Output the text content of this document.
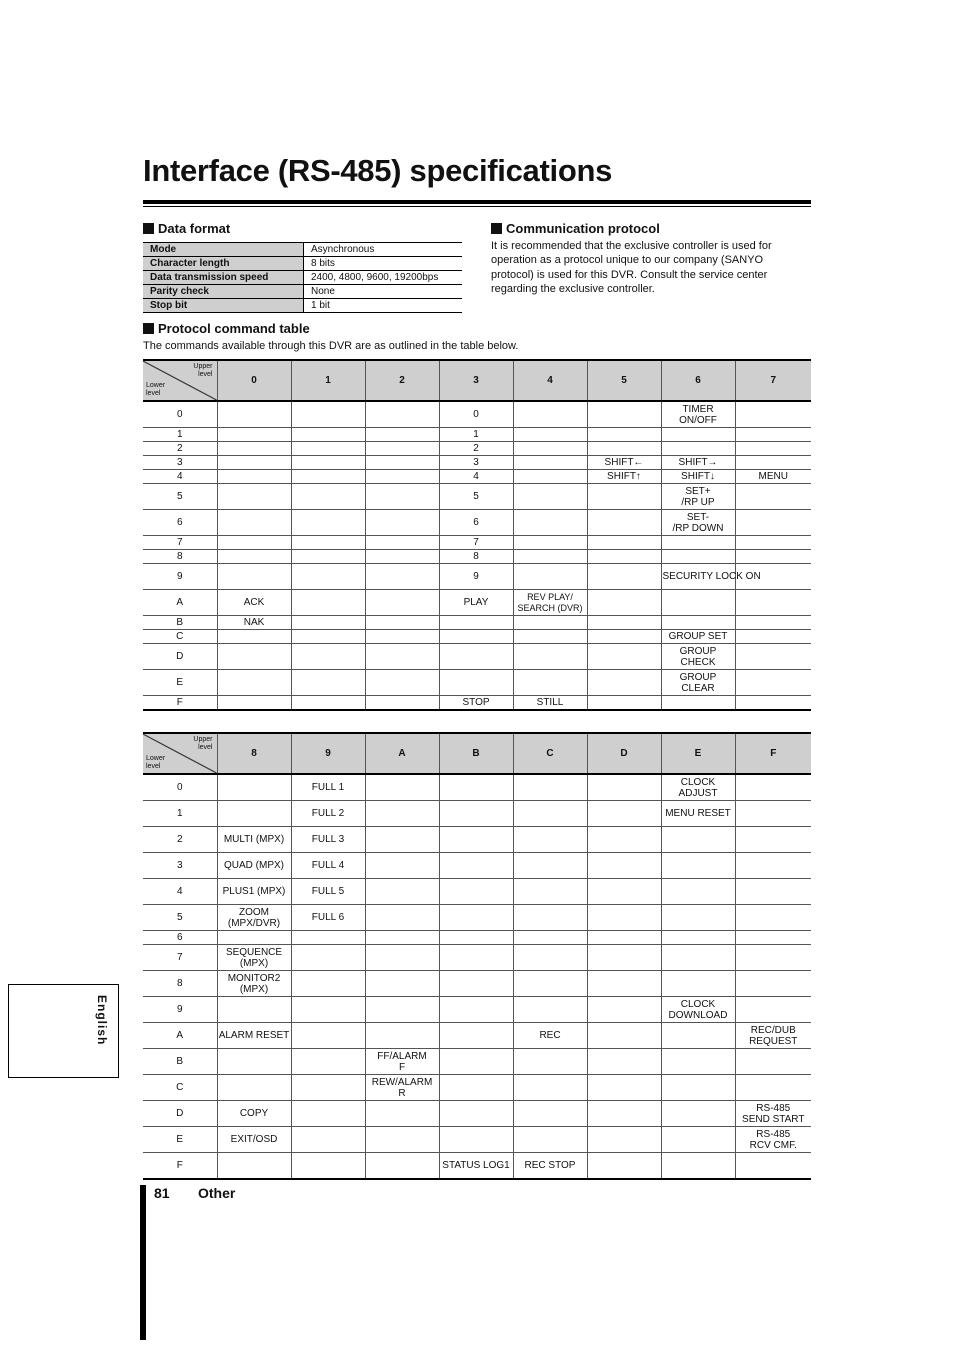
Interface (RS-485) specifications
Data format
Mode	Asynchronous
Character length	8 bits
Data transmission speed	2400, 4800, 9600, 19200bps
Parity check	None
Stop bit	1 bit
Communication protocol

It is recommended that the exclusive controller is used for operation as a protocol unique to our company (SANYO protocol) is used for this DVR. Consult the service center regarding the exclusive controller.

Protocol command table

The commands available through this DVR are as outlined in the table below.

Upper
level
Lower
level	0	1	2	3	4	5	6	7
0				0			TIMER
ON/OFF	
1				1				
2				2				
3				3		SHIFT←	SHIFT→	
4				4		SHIFT↑	SHIFT↓	MENU
5				5			SET+
/RP UP	
6				6			SET-
/RP DOWN	
7				7				
8				8				
9				9			SECURITY LOCK ON	
A	ACK			PLAY	REV PLAY/
SEARCH (DVR)			
B	NAK							
C							GROUP SET	
D							GROUP
CHECK	
E							GROUP
CLEAR	
F				STOP	STILL			
Upper
level
Lower
level	8	9	A	B	C	D	E	F
0		FULL 1					CLOCK
ADJUST	
1		FULL 2					MENU RESET	
2	MULTI (MPX)	FULL 3						
3	QUAD (MPX)	FULL 4						
4	PLUS1 (MPX)	FULL 5						
5	ZOOM
(MPX/DVR)	FULL 6						
6								
7	SEQUENCE
(MPX)							
8	MONITOR2
(MPX)							
9							CLOCK
DOWNLOAD	
A	ALARM RESET				REC			REC/DUB
REQUEST
B			FF/ALARM
F					
C			REW/ALARM
R					
D	COPY							RS-485
SEND START
E	EXIT/OSD							RS-485
RCV CMF.
F				STATUS LOG1	REC STOP			
English
81 Other
